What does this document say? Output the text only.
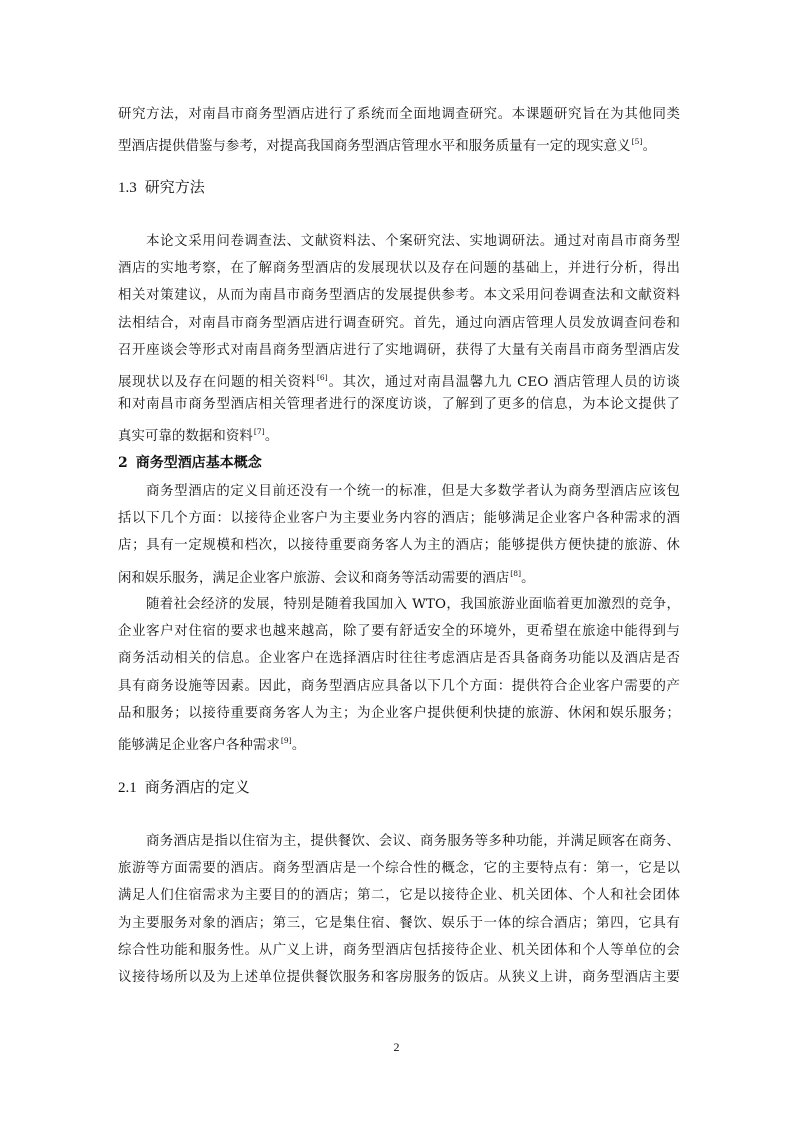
研究方法，对南昌市商务型酒店进行了系统而全面地调查研究。本课题研究旨在为其他同类
型酒店提供借鉴与参考，对提高我国商务型酒店管理水平和服务质量有一定的现实意义[5]。
1.3 研究方法
本论文采用问卷调查法、文献资料法、个案研究法、实地调研法。通过对南昌市商务型
酒店的实地考察，在了解商务型酒店的发展现状以及存在问题的基础上，并进行分析，得出
相关对策建议，从而为南昌市商务型酒店的发展提供参考。本文采用问卷调查法和文献资料
法相结合，对南昌市商务型酒店进行调查研究。首先，通过向酒店管理人员发放调查问卷和
召开座谈会等形式对南昌商务型酒店进行了实地调研，获得了大量有关南昌市商务型酒店发
展现状以及存在问题的相关资料[6]。其次，通过对南昌温馨九九 CEO 酒店管理人员的访谈
和对南昌市商务型酒店相关管理者进行的深度访谈，了解到了更多的信息，为本论文提供了
真实可靠的数据和资料[7]。
2 商务型酒店基本概念
商务型酒店的定义目前还没有一个统一的标准，但是大多数学者认为商务型酒店应该包
括以下几个方面：以接待企业客户为主要业务内容的酒店；能够满足企业客户各种需求的酒
店；具有一定规模和档次，以接待重要商务客人为主的酒店；能够提供方便快捷的旅游、休
闲和娱乐服务，满足企业客户旅游、会议和商务等活动需要的酒店[8]。
随着社会经济的发展，特别是随着我国加入 WTO，我国旅游业面临着更加激烈的竞争，
企业客户对住宿的要求也越来越高，除了要有舒适安全的环境外，更希望在旅途中能得到与
商务活动相关的信息。企业客户在选择酒店时往往考虑酒店是否具备商务功能以及酒店是否
具有商务设施等因素。因此，商务型酒店应具备以下几个方面：提供符合企业客户需要的产
品和服务；以接待重要商务客人为主；为企业客户提供便利快捷的旅游、休闲和娱乐服务；
能够满足企业客户各种需求[9]。
2.1 商务酒店的定义
商务酒店是指以住宿为主，提供餐饮、会议、商务服务等多种功能，并满足顾客在商务、
旅游等方面需要的酒店。商务型酒店是一个综合性的概念，它的主要特点有：第一，它是以
满足人们住宿需求为主要目的的酒店；第二，它是以接待企业、机关团体、个人和社会团体
为主要服务对象的酒店；第三，它是集住宿、餐饮、娱乐于一体的综合酒店；第四，它具有
综合性功能和服务性。从广义上讲，商务型酒店包括接待企业、机关团体和个人等单位的会
议接待场所以及为上述单位提供餐饮服务和客房服务的饭店。从狭义上讲，商务型酒店主要
2
